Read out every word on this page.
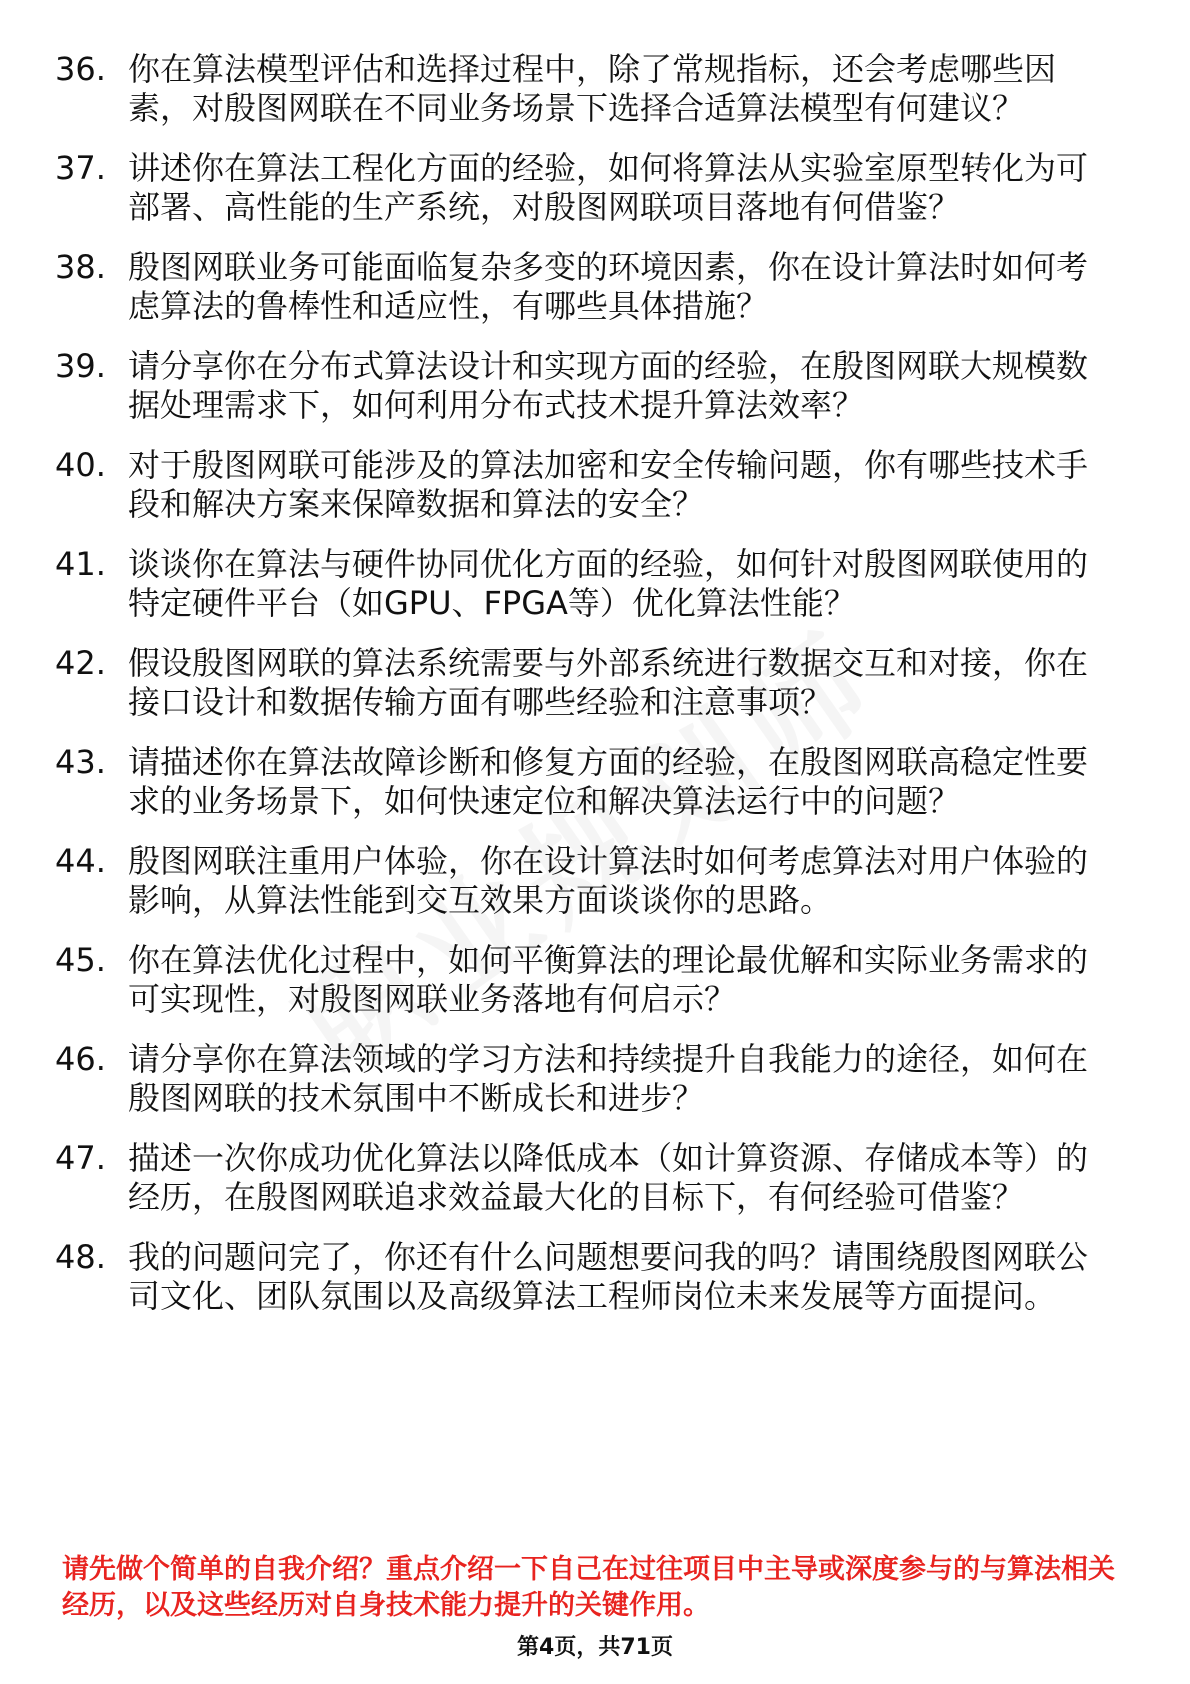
36. 你在算法模型评估和选择过程中，除了常规指标，还会考虑哪些因素，对殷图网联在不同业务场景下选择合适算法模型有何建议？
37. 讲述你在算法工程化方面的经验，如何将算法从实验室原型转化为可部署、高性能的生产系统，对殷图网联项目落地有何借鉴？
38. 殷图网联业务可能面临复杂多变的环境因素，你在设计算法时如何考虑算法的鲁棒性和适应性，有哪些具体措施？
39. 请分享你在分布式算法设计和实现方面的经验，在殷图网联大规模数据处理需求下，如何利用分布式技术提升算法效率？
40. 对于殷图网联可能涉及的算法加密和安全传输问题，你有哪些技术手段和解决方案来保障数据和算法的安全？
41. 谈谈你在算法与硬件协同优化方面的经验，如何针对殷图网联使用的特定硬件平台（如GPU、FPGA等）优化算法性能？
42. 假设殷图网联的算法系统需要与外部系统进行数据交互和对接，你在接口设计和数据传输方面有哪些经验和注意事项？
43. 请描述你在算法故障诊断和修复方面的经验，在殷图网联高稳定性要求的业务场景下，如何快速定位和解决算法运行中的问题？
44. 殷图网联注重用户体验，你在设计算法时如何考虑算法对用户体验的影响，从算法性能到交互效果方面谈谈你的思路。
45. 你在算法优化过程中，如何平衡算法的理论最优解和实际业务需求的可实现性，对殷图网联业务落地有何启示？
46. 请分享你在算法领域的学习方法和持续提升自我能力的途径，如何在殷图网联的技术氛围中不断成长和进步？
47. 描述一次你成功优化算法以降低成本（如计算资源、存储成本等）的经历，在殷图网联追求效益最大化的目标下，有何经验可借鉴？
48. 我的问题问完了，你还有什么问题想要问我的吗？请围绕殷图网联公司文化、团队氛围以及高级算法工程师岗位未来发展等方面提问。
请先做个简单的自我介绍？重点介绍一下自己在过往项目中主导或深度参与的与算法相关经历，以及这些经历对自身技术能力提升的关键作用。
第4页，共71页
